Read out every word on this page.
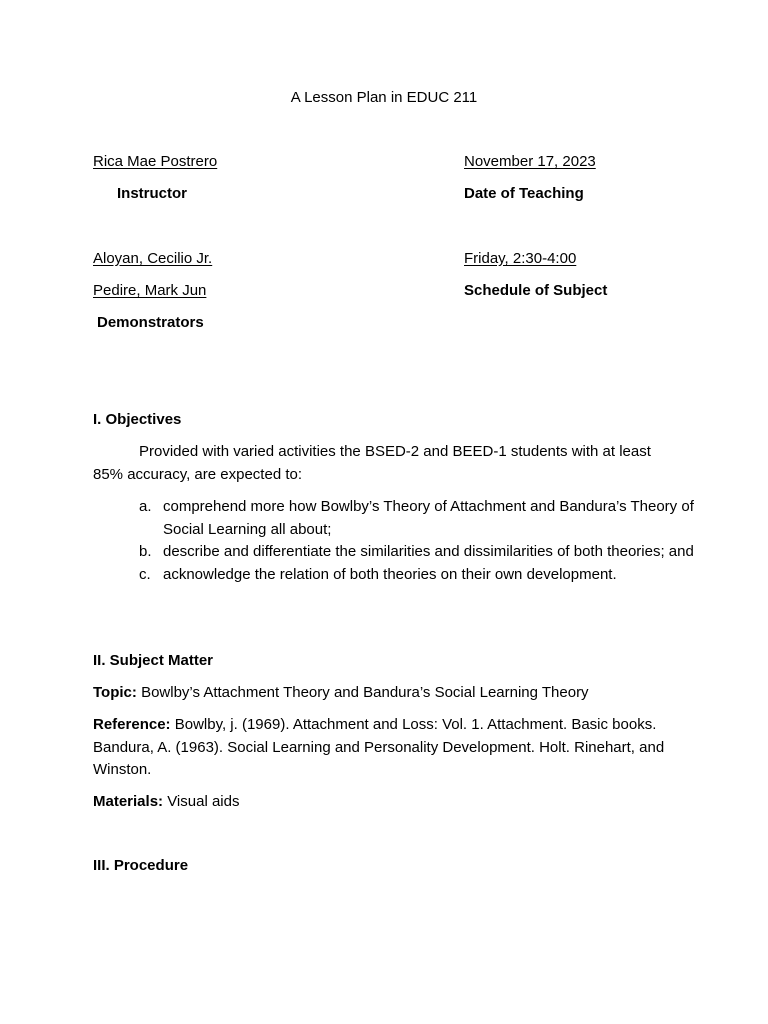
A Lesson Plan in EDUC 211
Rica Mae Postrero
Instructor
November 17, 2023
Date of Teaching
Aloyan, Cecilio Jr.
Pedire, Mark Jun
Demonstrators
Friday, 2:30-4:00
Schedule of Subject
I. Objectives
Provided with varied activities the BSED-2 and BEED-1 students with at least 85% accuracy, are expected to:
a. comprehend more how Bowlby’s Theory of Attachment and Bandura’s Theory of Social Learning all about;
b. describe and differentiate the similarities and dissimilarities of both theories; and
c. acknowledge the relation of both theories on their own development.
II. Subject Matter
Topic: Bowlby’s Attachment Theory and Bandura’s Social Learning Theory
Reference: Bowlby, j. (1969). Attachment and Loss: Vol. 1. Attachment. Basic books. Bandura, A. (1963). Social Learning and Personality Development. Holt. Rinehart, and Winston.
Materials: Visual aids
III. Procedure
